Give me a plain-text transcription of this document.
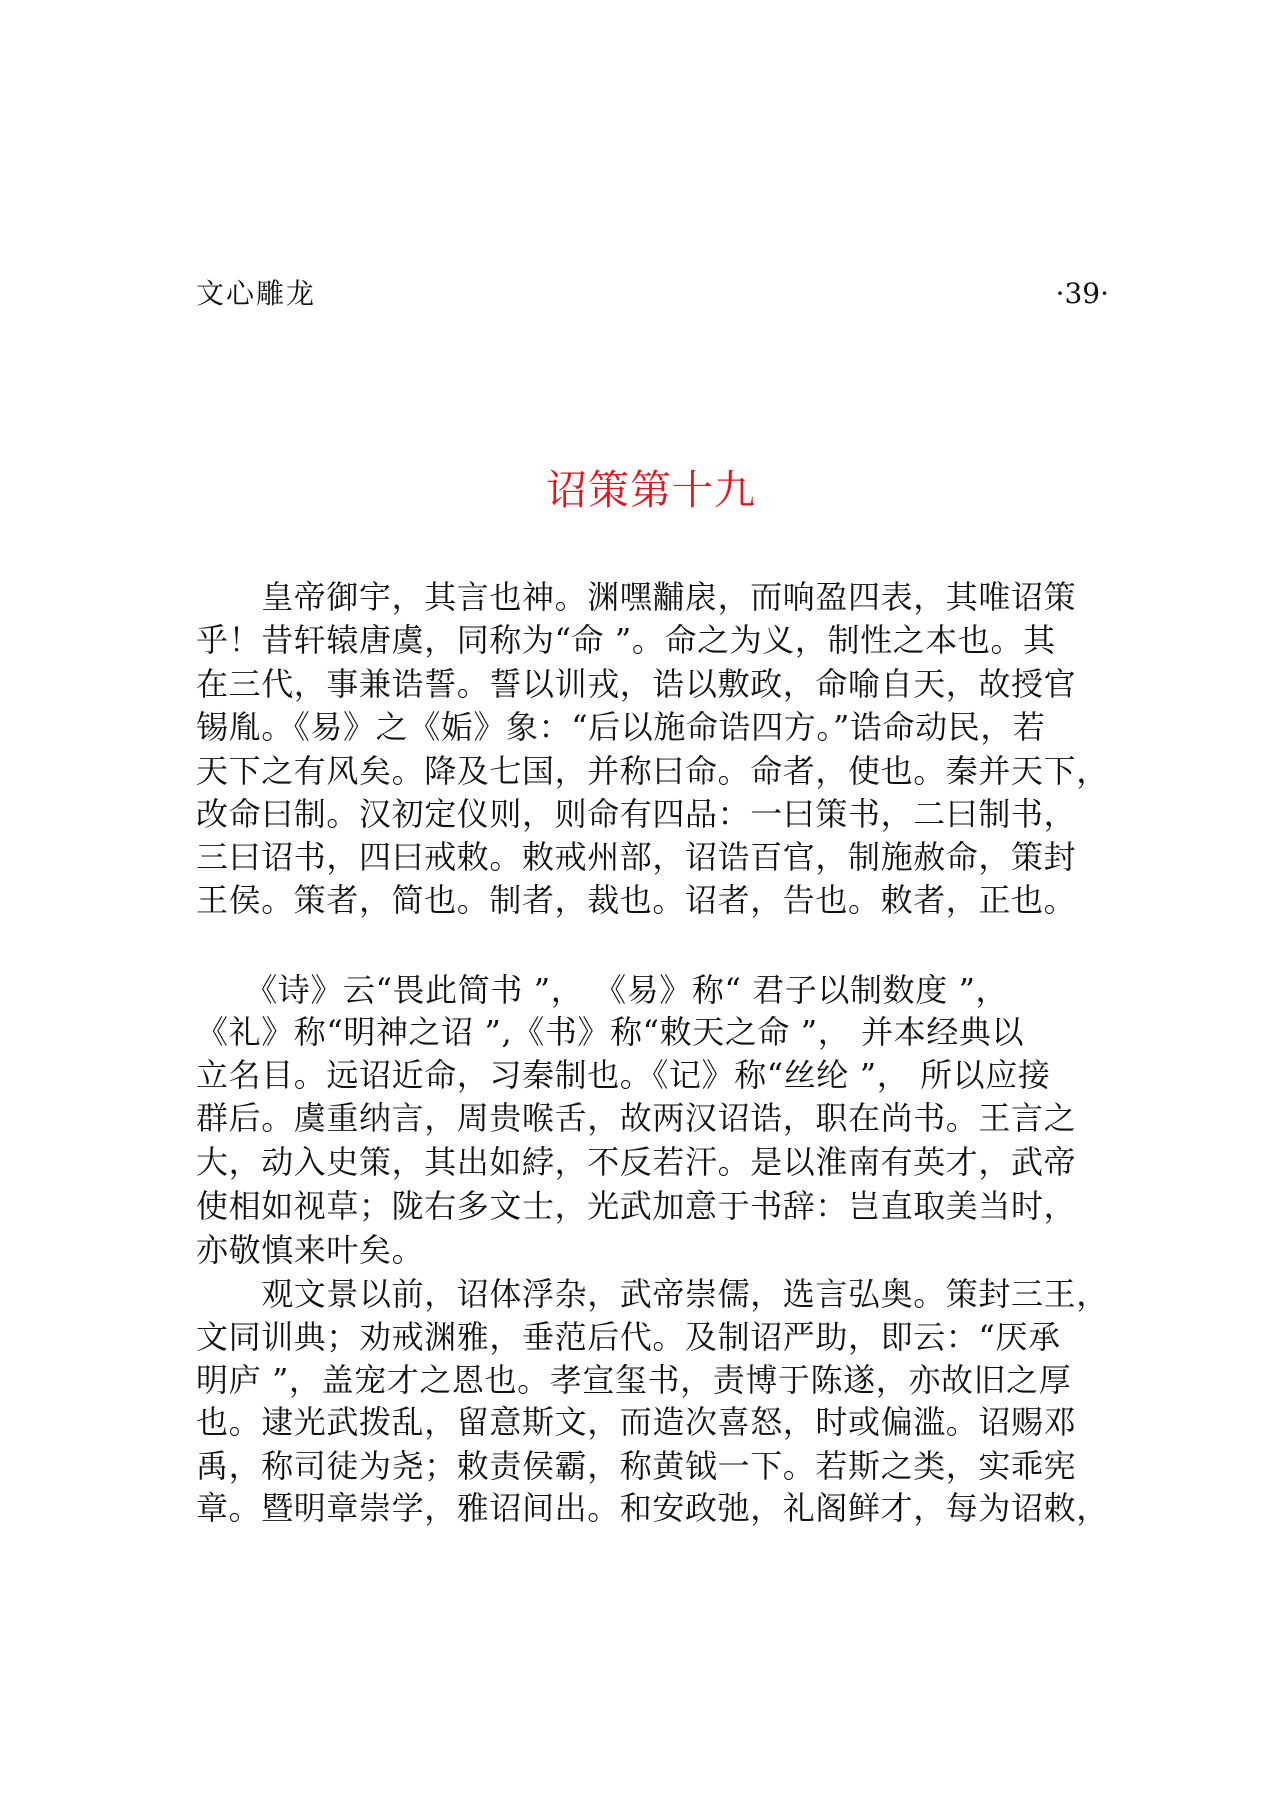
文心雕龙	·39·
诏策第十九
　　皇帝御宇，其言也神。渊嘿黼扆，而响盈四表，其唯诏策
乎！昔轩辕唐虞，同称为“命 ”。命之为义，制性之本也。其
在三代，事兼诰誓。誓以训戎，诰以敷政，命喻自天，故授官
锡胤。《易》之《姤》象：“后以施命诰四方。”诰命动民，若
天下之有风矣。降及七国，并称曰命。命者，使也。秦并天下，
改命曰制。汉初定仪则，则命有四品：一曰策书，二曰制书，
三曰诏书，四曰戒敕。敕戒州部，诏诰百官，制施赦命，策封
王侯。策者，简也。制者，裁也。诏者，告也。敕者，正也。
　　《诗》云“畏此简书 ”， 《易》称“ 君子以制数度 ”，
《礼》称“明神之诏 ”,《书》称“敕天之命 ”， 并本经典以
立名目。远诏近命，习秦制也。《记》称“丝纶 ”， 所以应接
群后。虞重纳言，周贵喉舌，故两汉诏诰，职在尚书。王言之
大，动入史策，其出如綍，不反若汗。是以淮南有英才，武帝
使相如视草；陇右多文士，光武加意于书辞：岂直取美当时，
亦敬慎来叶矣。
　　观文景以前，诏体浮杂，武帝崇儒，选言弘奥。策封三王，
文同训典；劝戒渊雅，垂范后代。及制诏严助，即云：“厌承
明庐 ”，盖宠才之恩也。孝宣玺书，责博于陈遂，亦故旧之厚
也。逮光武拨乱，留意斯文，而造次喜怒，时或偏滥。诏赐邓
禹，称司徒为尧；敕责侯霸，称黄钺一下。若斯之类，实乖宪
章。暨明章崇学，雅诏间出。和安政弛，礼阁鲜才，每为诏敕，
